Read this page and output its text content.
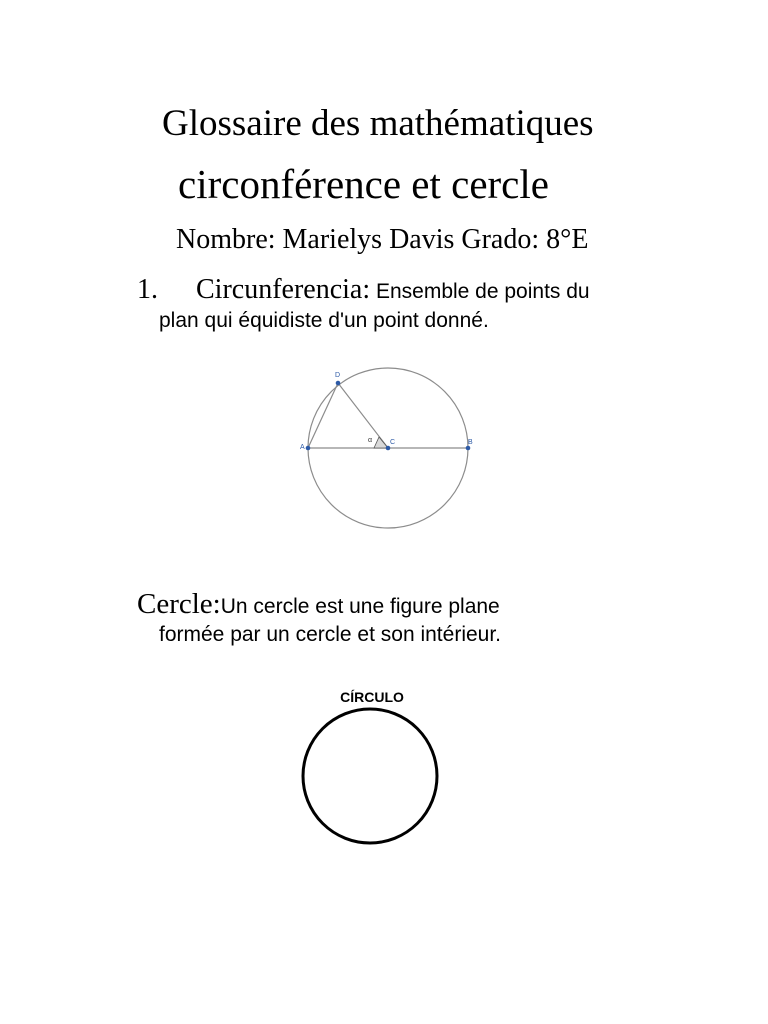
Glossaire des mathématiques
circonférence et cercle
Nombre: Marielys Davis Grado: 8°E
1. Circunferencia: Ensemble de points du
plan qui équidiste d'un point donné.
α
D
A
C	B
Cercle:Un cercle est une figure plane
formée par un cercle et son intérieur.
CÍRCULO
